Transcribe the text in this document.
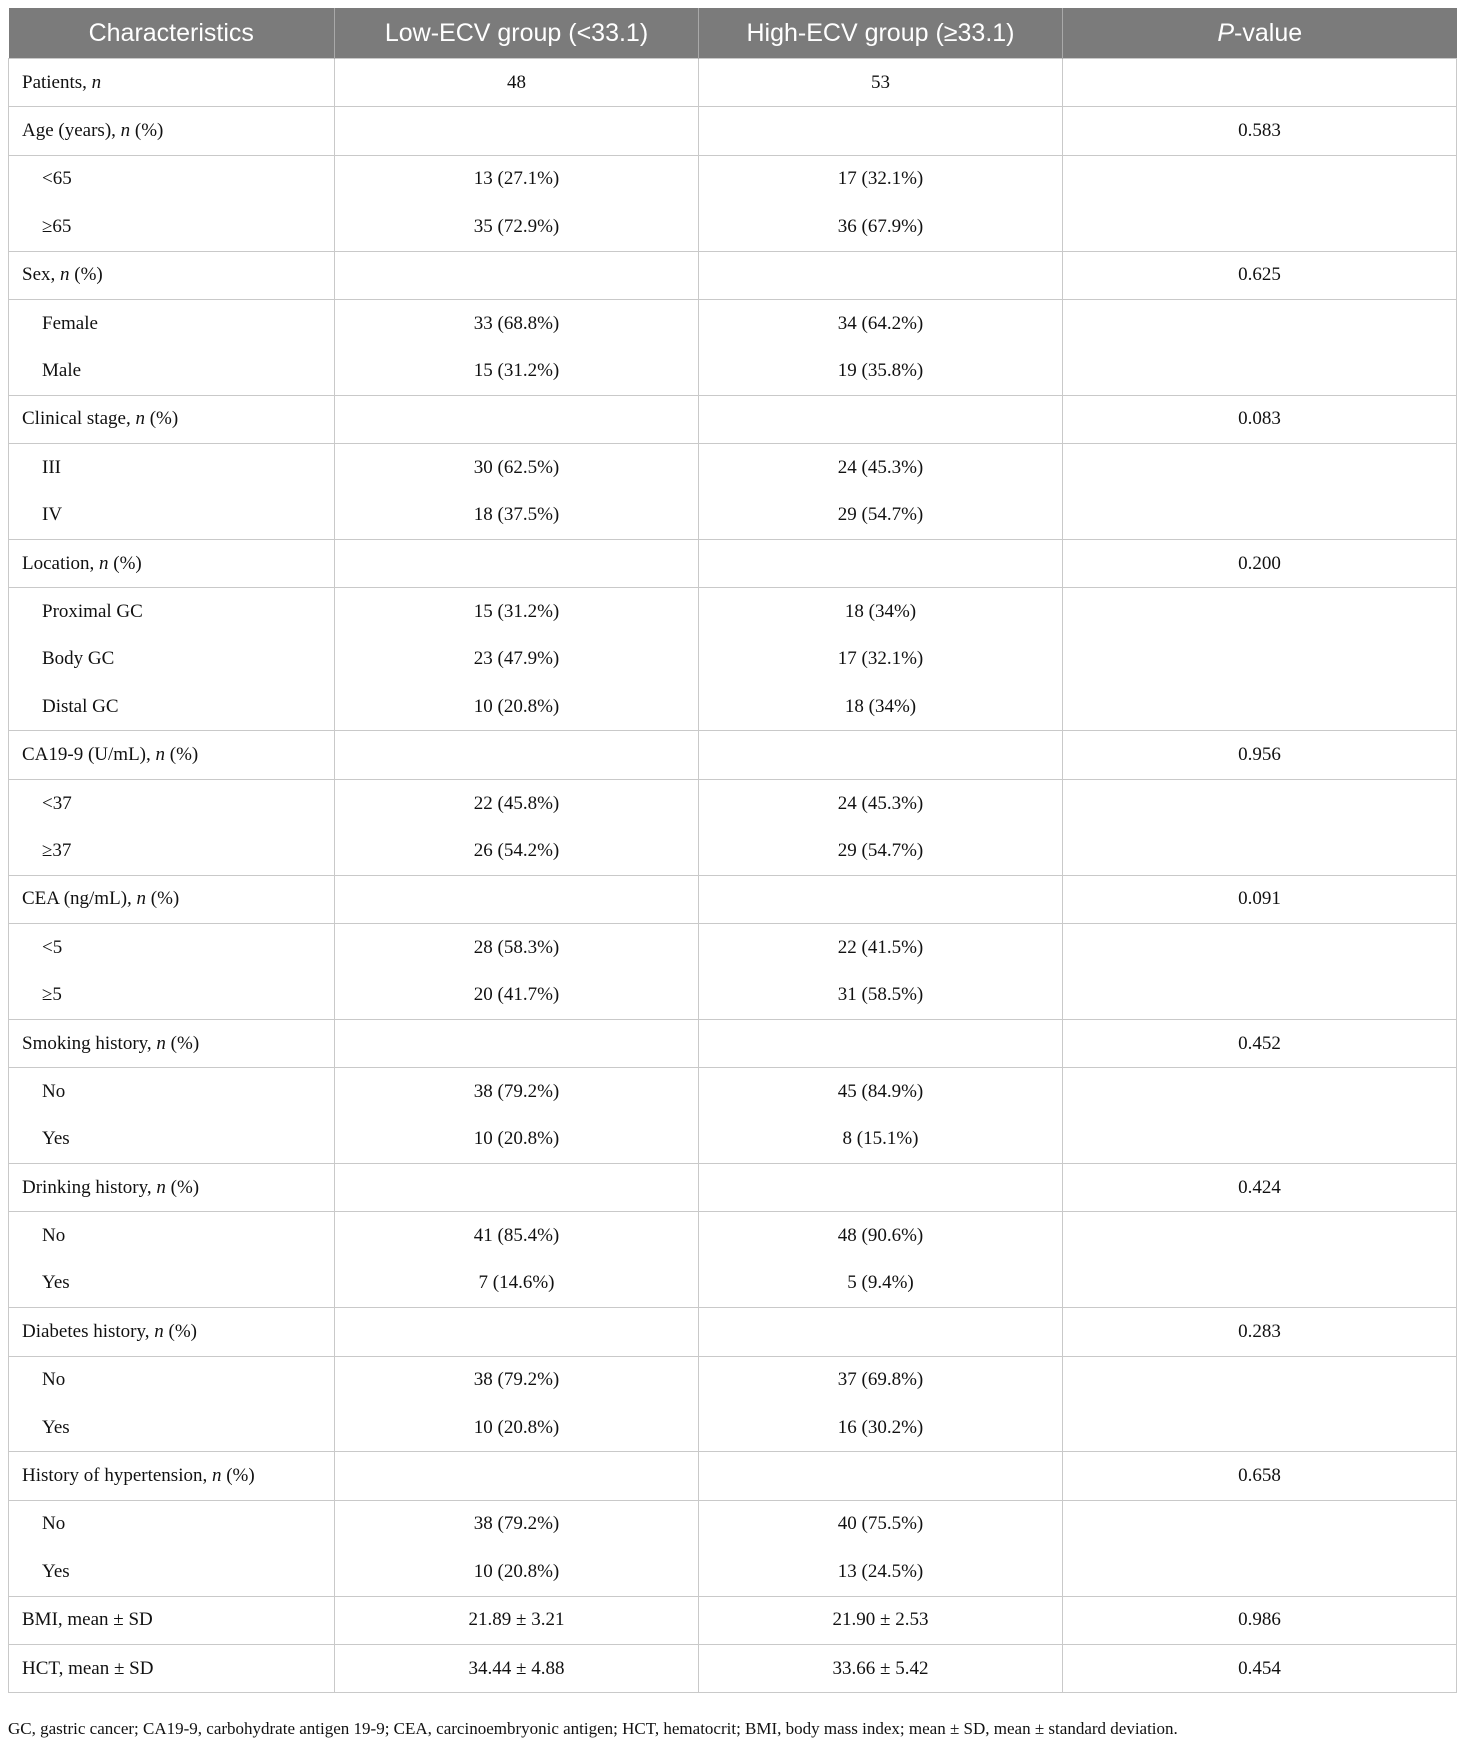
Characteristics	Low-ECV group (<33.1)	High-ECV group (≥33.1)	P-value
Patients, n	48	53	
Age (years), n (%)			0.583
<65	13 (27.1%)	17 (32.1%)	
≥65	35 (72.9%)	36 (67.9%)	
Sex, n (%)			0.625
Female	33 (68.8%)	34 (64.2%)	
Male	15 (31.2%)	19 (35.8%)	
Clinical stage, n (%)			0.083
III	30 (62.5%)	24 (45.3%)	
IV	18 (37.5%)	29 (54.7%)	
Location, n (%)			0.200
Proximal GC	15 (31.2%)	18 (34%)	
Body GC	23 (47.9%)	17 (32.1%)	
Distal GC	10 (20.8%)	18 (34%)	
CA19-9 (U/mL), n (%)			0.956
<37	22 (45.8%)	24 (45.3%)	
≥37	26 (54.2%)	29 (54.7%)	
CEA (ng/mL), n (%)			0.091
<5	28 (58.3%)	22 (41.5%)	
≥5	20 (41.7%)	31 (58.5%)	
Smoking history, n (%)			0.452
No	38 (79.2%)	45 (84.9%)	
Yes	10 (20.8%)	8 (15.1%)	
Drinking history, n (%)			0.424
No	41 (85.4%)	48 (90.6%)	
Yes	7 (14.6%)	5 (9.4%)	
Diabetes history, n (%)			0.283
No	38 (79.2%)	37 (69.8%)	
Yes	10 (20.8%)	16 (30.2%)	
History of hypertension, n (%)			0.658
No	38 (79.2%)	40 (75.5%)	
Yes	10 (20.8%)	13 (24.5%)	
BMI, mean ± SD	21.89 ± 3.21	21.90 ± 2.53	0.986
HCT, mean ± SD	34.44 ± 4.88	33.66 ± 5.42	0.454
GC, gastric cancer; CA19-9, carbohydrate antigen 19-9; CEA, carcinoembryonic antigen; HCT, hematocrit; BMI, body mass index; mean ± SD, mean ± standard deviation.
